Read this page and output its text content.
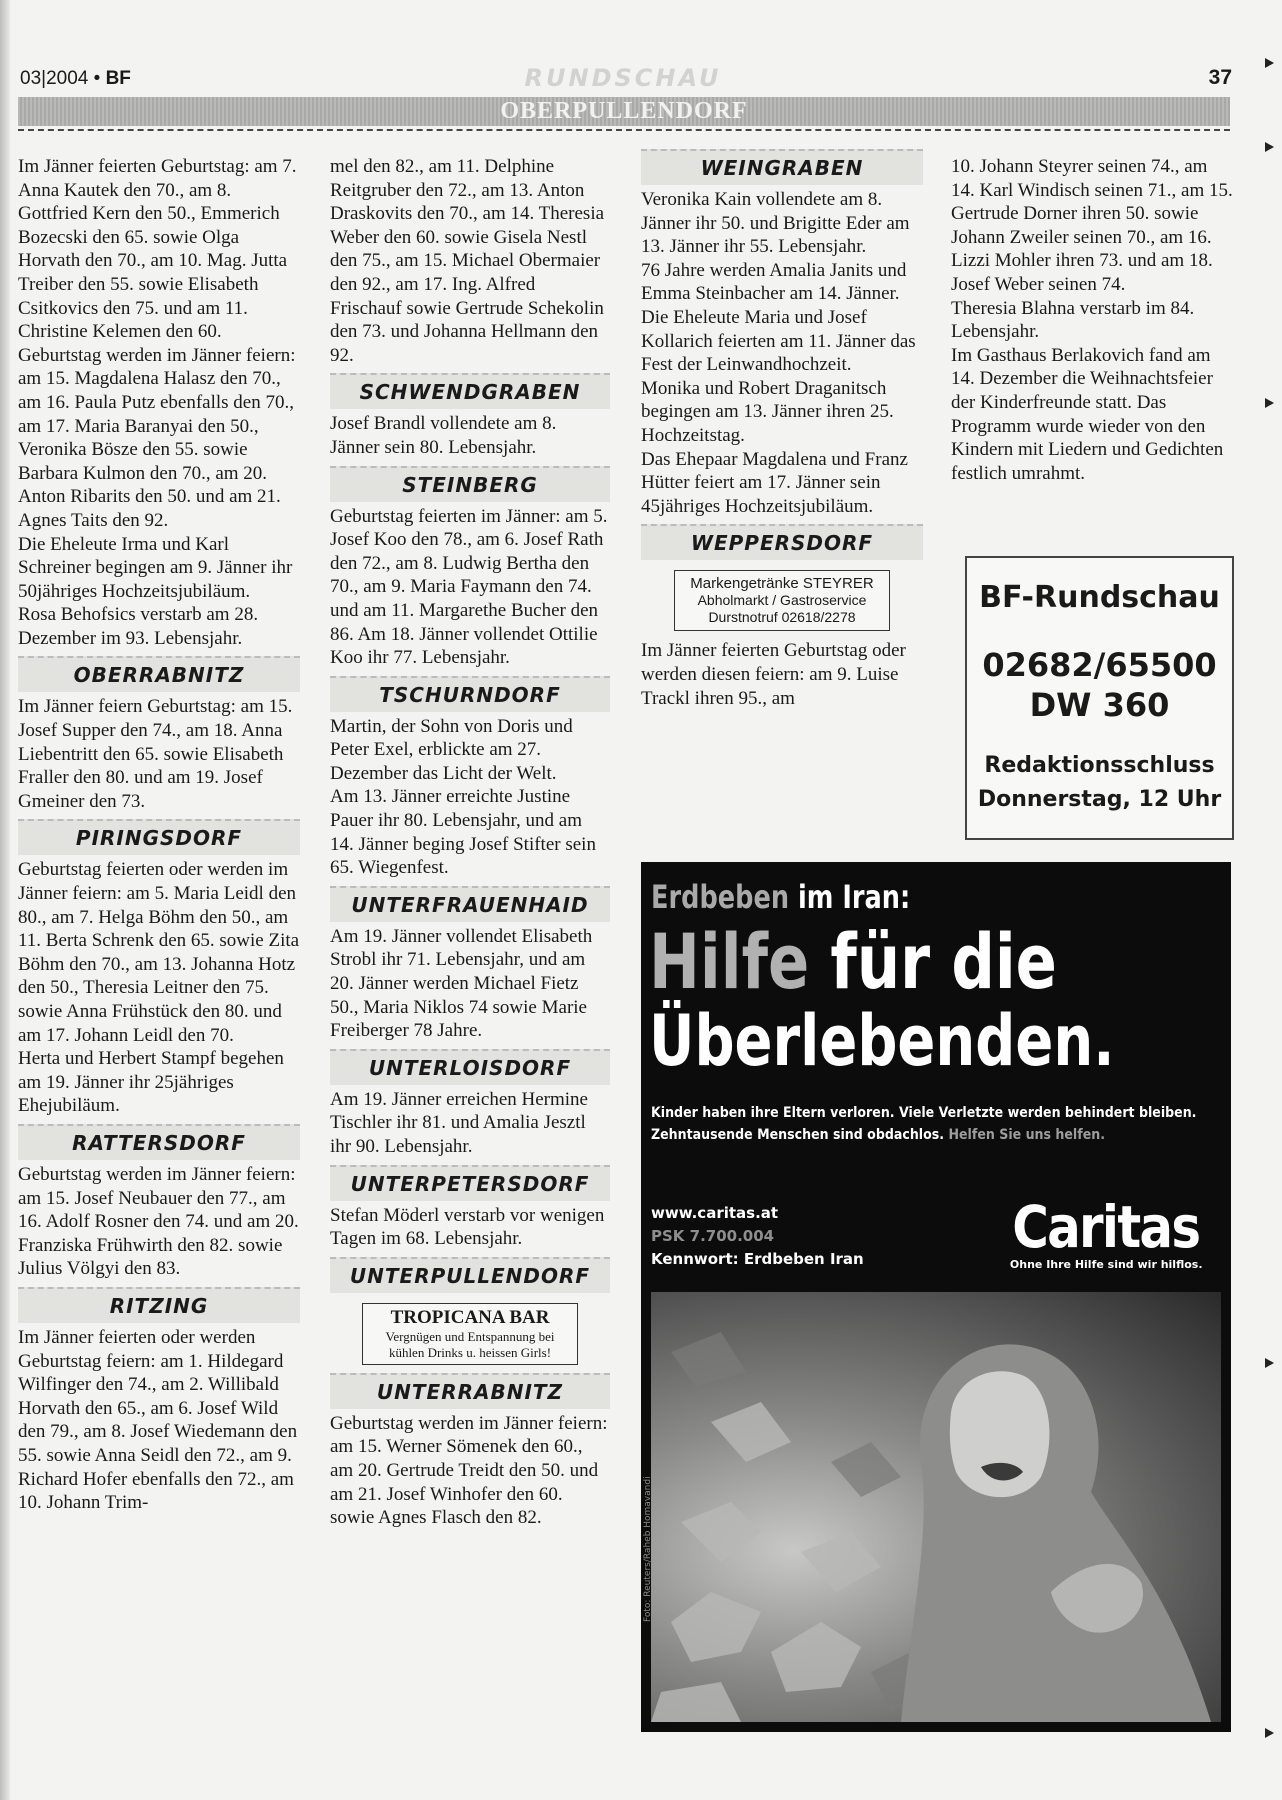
03|2004 • BF	RUNDSCHAU	37
OBERPULLENDORF

Im Jänner feierten Geburtstag: am 7. Anna Kautek den 70., am 8. Gottfried Kern den 50., Emmerich Bozecski den 65. sowie Olga Horvath den 70., am 10. Mag. Jutta Treiber den 55. sowie Elisabeth Csitkovics den 75. und am 11. Christine Kelemen den 60.

Geburtstag werden im Jänner feiern: am 15. Magdalena Halasz den 70., am 16. Paula Putz ebenfalls den 70., am 17. Maria Baranyai den 50., Veronika Bösze den 55. sowie Barbara Kulmon den 70., am 20. Anton Ribarits den 50. und am 21. Agnes Taits den 92.

Die Eheleute Irma und Karl Schreiner begingen am 9. Jänner ihr 50jähriges Hochzeitsjubiläum.

Rosa Behofsics verstarb am 28. Dezember im 93. Lebensjahr.

OBERRABNITZ

Im Jänner feiern Geburtstag: am 15. Josef Supper den 74., am 18. Anna Liebentritt den 65. sowie Elisabeth Fraller den 80. und am 19. Josef Gmeiner den 73.

PIRINGSDORF

Geburtstag feierten oder werden im Jänner feiern: am 5. Maria Leidl den 80., am 7. Helga Böhm den 50., am 11. Berta Schrenk den 65. sowie Zita Böhm den 70., am 13. Johanna Hotz den 50., Theresia Leitner den 75. sowie Anna Frühstück den 80. und am 17. Johann Leidl den 70.

Herta und Herbert Stampf begehen am 19. Jänner ihr 25jähriges Ehejubiläum.

RATTERSDORF

Geburtstag werden im Jänner feiern: am 15. Josef Neubauer den 77., am 16. Adolf Rosner den 74. und am 20. Franziska Frühwirth den 82. sowie Julius Völgyi den 83.

RITZING

Im Jänner feierten oder werden Geburtstag feiern: am 1. Hildegard Wilfinger den 74., am 2. Willibald Horvath den 65., am 6. Josef Wild den 79., am 8. Josef Wiedemann den 55. sowie Anna Seidl den 72., am 9. Richard Hofer ebenfalls den 72., am 10. Johann Trim-

mel den 82., am 11. Delphine Reitgruber den 72., am 13. Anton Draskovits den 70., am 14. Theresia Weber den 60. sowie Gisela Nestl den 75., am 15. Michael Obermaier den 92., am 17. Ing. Alfred Frischauf sowie Gertrude Schekolin den 73. und Johanna Hellmann den 92.

SCHWENDGRABEN

Josef Brandl vollendete am 8. Jänner sein 80. Lebensjahr.

STEINBERG

Geburtstag feierten im Jänner: am 5. Josef Koo den 78., am 6. Josef Rath den 72., am 8. Ludwig Bertha den 70., am 9. Maria Faymann den 74. und am 11. Margarethe Bucher den 86. Am 18. Jänner vollendet Ottilie Koo ihr 77. Lebensjahr.

TSCHURNDORF

Martin, der Sohn von Doris und Peter Exel, erblickte am 27. Dezember das Licht der Welt.

Am 13. Jänner erreichte Justine Pauer ihr 80. Lebensjahr, und am 14. Jänner beging Josef Stifter sein 65. Wiegenfest.

UNTERFRAUENHAID

Am 19. Jänner vollendet Elisabeth Strobl ihr 71. Lebensjahr, und am 20. Jänner werden Michael Fietz 50., Maria Niklos 74 sowie Marie Freiberger 78 Jahre.

UNTERLOISDORF

Am 19. Jänner erreichen Hermine Tischler ihr 81. und Amalia Jesztl ihr 90. Lebensjahr.

UNTERPETERSDORF

Stefan Möderl verstarb vor wenigen Tagen im 68. Lebensjahr.

UNTERPULLENDORF
TROPICANA BAR
Vergnügen und Entspannung bei
kühlen Drinks u. heissen Girls!
UNTERRABNITZ

Geburtstag werden im Jänner feiern: am 15. Werner Sömenek den 60., am 20. Gertrude Treidt den 50. und am 21. Josef Winhofer den 60. sowie Agnes Flasch den 82.

WEINGRABEN

Veronika Kain vollendete am 8. Jänner ihr 50. und Brigitte Eder am 13. Jänner ihr 55. Lebensjahr.

76 Jahre werden Amalia Janits und Emma Steinbacher am 14. Jänner.

Die Eheleute Maria und Josef Kollarich feierten am 11. Jänner das Fest der Leinwandhochzeit.

Monika und Robert Draganitsch begingen am 13. Jänner ihren 25. Hochzeitstag.

Das Ehepaar Magdalena und Franz Hütter feiert am 17. Jänner sein 45jähriges Hochzeitsjubiläum.

WEPPERSDORF
Markengetränke STEYRER
Abholmarkt / Gastroservice
Durstnotruf 02618/2278

Im Jänner feierten Geburtstag oder werden diesen feiern: am 9. Luise Trackl ihren 95., am

10. Johann Steyrer seinen 74., am 14. Karl Windisch seinen 71., am 15. Gertrude Dorner ihren 50. sowie Johann Zweiler seinen 70., am 16. Lizzi Mohler ihren 73. und am 18. Josef Weber seinen 74.

Theresia Blahna verstarb im 84. Lebensjahr.

Im Gasthaus Berlakovich fand am 14. Dezember die Weihnachtsfeier der Kinderfreunde statt. Das Programm wurde wieder von den Kindern mit Liedern und Gedichten festlich umrahmt.

BF-Rundschau
02682/65500
DW 360
Redaktionsschluss
Donnerstag, 12 Uhr
Erdbeben im Iran:
Hilfe für die
Überlebenden.
Kinder haben ihre Eltern verloren. Viele Verletzte werden behindert bleiben.
Zehntausende Menschen sind obdachlos. Helfen Sie uns helfen.
www.caritas.at
PSK 7.700.004
Kennwort: Erdbeben Iran	Caritas
Ohne Ihre Hilfe sind wir hilflos.
Foto: Reuters/Raheb Homavandi
